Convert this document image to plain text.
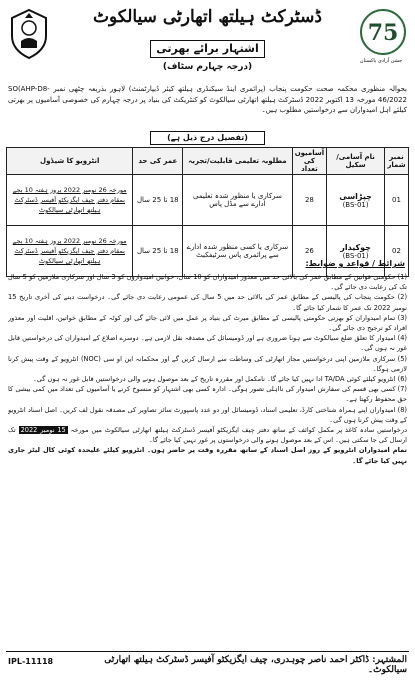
75
جشن آزادی پاکستان
ڈسٹرکٹ ہیلتھ اتھارٹی سیالکوٹ
اشتہار برائے بھرتی
(درجہ چہارم سٹاف)
بحوالہ منظوری محکمہ صحت حکومت پنجاب (پرائمری اینڈ سیکنڈری ہیلتھ کیئر ڈیپارٹمنٹ) لاہور بذریعہ چٹھی نمبر SO(AHP-D8-46/2022 مورخہ 13 اکتوبر 2022 ڈسٹرکٹ ہیلتھ اتھارٹی سیالکوٹ کو کنٹریکٹ کی بنیاد پر درجہ چہارم کی خصوصی آسامیوں پر بھرتی کیلئے اہل امیدواران سے درخواستیں مطلوب ہیں۔
(تفصیل درج ذیل ہے)
نمبر شمار	نام آسامی/سکیل	آسامیوں کی تعداد	مطلوبہ تعلیمی قابلیت/تجربہ	عمر کی حد	انٹرویو کا شیڈول
01	چپڑاسی
(BS-01)	28	سرکاری یا منظور شدہ تعلیمی ادارے سے مڈل پاس	18 تا 25 سال	مورخہ 26 نومبر 2022 بروز ہفتہ 10 بجے
بمقام دفتر چیف ایگزیکٹو آفیسر ڈسٹرکٹ ہیلتھ اتھارٹی سیالکوٹ
02	چوکیدار
(BS-01)	26	سرکاری یا کسی منظور شدہ ادارے سے پرائمری پاس سرٹیفکیٹ	18 تا 25 سال	مورخہ 26 نومبر 2022 بروز ہفتہ 10 بجے
بمقام دفتر چیف ایگزیکٹو آفیسر ڈسٹرکٹ ہیلتھ اتھارٹی سیالکوٹ	شرائط / قواعد و ضوابط:

(1) حکومتی قوانین کے مطابق عمر کی بالائی حد میں معذور امیدواران کو 10 سال، خواتین امیدواروں کو 3 سال اور سرکاری ملازمین کو 5 سال تک کی رعایت دی جائے گی۔

(2) حکومت پنجاب کی پالیسی کے مطابق عمر کی بالائی حد میں 5 سال کی عمومی رعایت دی جائے گی۔ درخواست دینے کی آخری تاریخ 15 نومبر 2022 تک عمر کا شمار کیا جائے گا۔

(3) تمام امیدواران کو بھرتی حکومتی پالیسی کے مطابق میرٹ کی بنیاد پر عمل میں لائی جائے گی اور کوٹہ کے مطابق خواتین، اقلیت اور معذور افراد کو ترجیح دی جائے گی۔

(4) امیدوار کا تعلق ضلع سیالکوٹ سے ہونا ضروری ہے اور ڈومیسائل کی مصدقہ نقل لازمی ہے۔ دوسرے اضلاع کے امیدواران کی درخواستیں قابل غور نہ ہوں گی۔

(5) سرکاری ملازمین اپنی درخواستیں مجاز اتھارٹی کی وساطت سے ارسال کریں گے اور محکمانہ این او سی (NOC) انٹرویو کے وقت پیش کرنا لازمی ہوگا۔

(6) انٹرویو کیلئے کوئی TA/DA ادا نہیں کیا جائے گا۔ نامکمل اور مقررہ تاریخ کے بعد موصول ہونے والی درخواستیں قابل غور نہ ہوں گی۔

(7) کسی بھی قسم کی سفارش امیدوار کی نااہلی تصور ہوگی۔ ادارہ کسی بھی اشتہار کو منسوخ کرنے یا آسامیوں کی تعداد میں کمی بیشی کا حق محفوظ رکھتا ہے۔

(8) امیدواران اپنے ہمراہ شناختی کارڈ، تعلیمی اسناد، ڈومیسائل اور دو عدد پاسپورٹ سائز تصاویر کی مصدقہ نقول لف کریں۔ اصل اسناد انٹرویو کے وقت پیش کرنا ہوں گی۔

درخواستیں سادہ کاغذ پر مکمل کوائف کے ساتھ دفتر چیف ایگزیکٹو آفیسر ڈسٹرکٹ ہیلتھ اتھارٹی سیالکوٹ میں مورخہ 15 نومبر 2022 تک ارسال کی جا سکتی ہیں۔ اس کے بعد موصول ہونے والی درخواستوں پر غور نہیں کیا جائے گا۔

تمام امیدواران انٹرویو کے روز اصل اسناد کے ساتھ مقررہ وقت پر حاضر ہوں۔ انٹرویو کیلئے علیحدہ کوئی کال لیٹر جاری نہیں کیا جائے گا۔

IPL-11118	المشتہر: ڈاکٹر احمد ناصر چوہدری، چیف ایگزیکٹو آفیسر ڈسٹرکٹ ہیلتھ اتھارٹی سیالکوٹ۔
